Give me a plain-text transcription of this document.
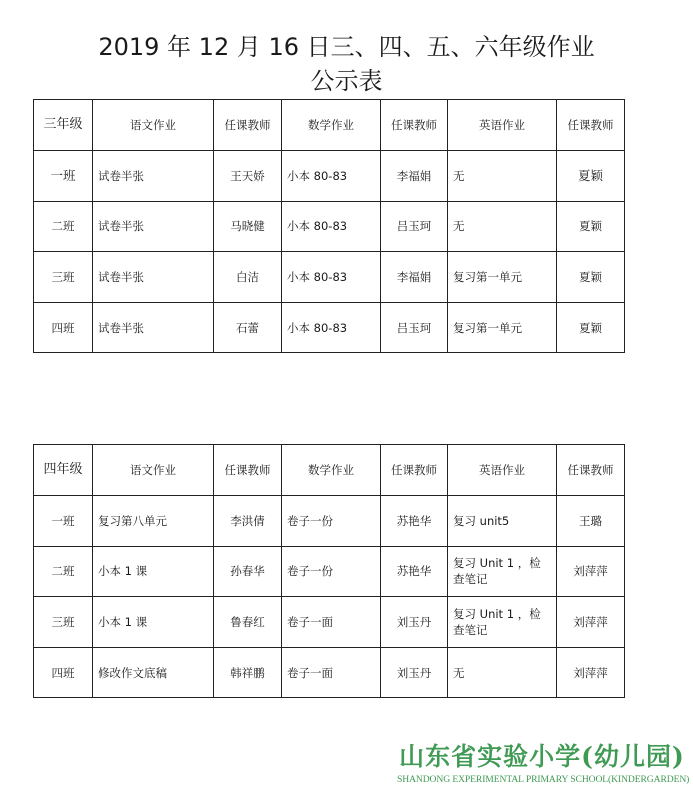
2019 年 12 月 16 日三、四、五、六年级作业
公示表
三年级	语文作业	任课教师	数学作业	任课教师	英语作业	任课教师
一班	试卷半张	王天娇	小本 80-83	李福娟	无	夏颖
二班	试卷半张	马晓健	小本 80-83	吕玉珂	无	夏颖
三班	试卷半张	白洁	小本 80-83	李福娟	复习第一单元	夏颖
四班	试卷半张	石蕾	小本 80-83	吕玉珂	复习第一单元	夏颖
四年级	语文作业	任课教师	数学作业	任课教师	英语作业	任课教师
一班	复习第八单元	李洪倩	卷子一份	苏艳华	复习 unit5	王璐
二班	小本 1 课	孙春华	卷子一份	苏艳华	复习 Unit 1 ，检查笔记	刘萍萍
三班	小本 1 课	鲁春红	卷子一面	刘玉丹	复习 Unit 1 ，检查笔记	刘萍萍
四班	修改作文底稿	韩祥鹏	卷子一面	刘玉丹	无	刘萍萍
山东省实验小学(幼儿园)
SHANDONG EXPERIMENTAL PRIMARY SCHOOL(KINDERGARDEN)
